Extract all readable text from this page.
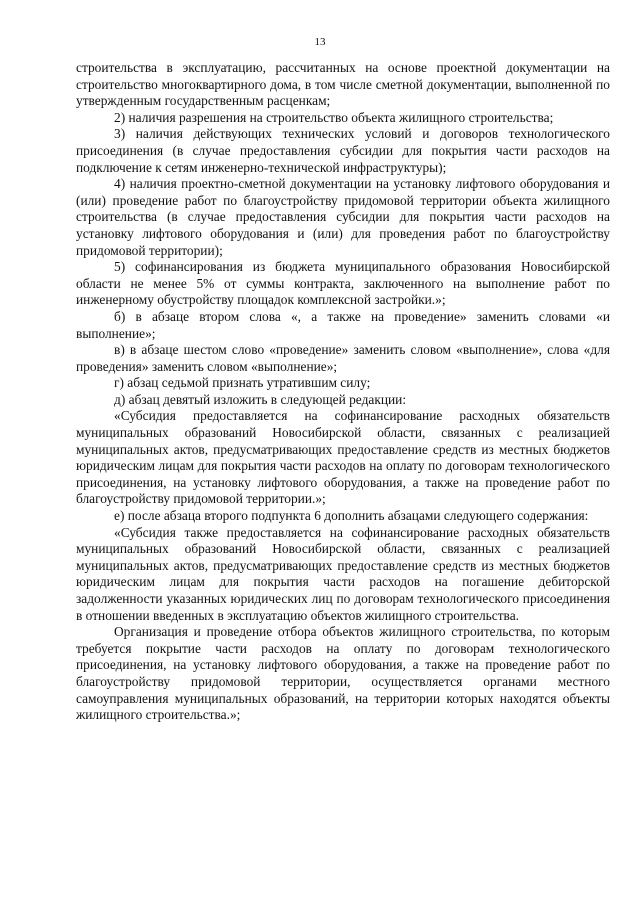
13

строительства в эксплуатацию, рассчитанных на основе проектной документации на строительство многоквартирного дома, в том числе сметной документации, выполненной по утвержденным государственным расценкам;

2) наличия разрешения на строительство объекта жилищного строительства;

3) наличия действующих технических условий и договоров технологического присоединения (в случае предоставления субсидии для покрытия части расходов на подключение к сетям инженерно-технической инфраструктуры);

4) наличия проектно-сметной документации на установку лифтового оборудования и (или) проведение работ по благоустройству придомовой территории объекта жилищного строительства (в случае предоставления субсидии для покрытия части расходов на установку лифтового оборудования и (или) для проведения работ по благоустройству придомовой территории);

5) софинансирования из бюджета муниципального образования Новосибирской области не менее 5% от суммы контракта, заключенного на выполнение работ по инженерному обустройству площадок комплексной застройки.»;

б) в абзаце втором слова «, а также на проведение» заменить словами «и выполнение»;

в) в абзаце шестом слово «проведение» заменить словом «выполнение», слова «для проведения» заменить словом «выполнение»;

г) абзац седьмой признать утратившим силу;

д) абзац девятый изложить в следующей редакции:

«Субсидия предоставляется на софинансирование расходных обязательств муниципальных образований Новосибирской области, связанных с реализацией муниципальных актов, предусматривающих предоставление средств из местных бюджетов юридическим лицам для покрытия части расходов на оплату по договорам технологического присоединения, на установку лифтового оборудования, а также на проведение работ по благоустройству придомовой территории.»;

е) после абзаца второго подпункта 6 дополнить абзацами следующего содержания:

«Субсидия также предоставляется на софинансирование расходных обязательств муниципальных образований Новосибирской области, связанных с реализацией муниципальных актов, предусматривающих предоставление средств из местных бюджетов юридическим лицам для покрытия части расходов на погашение дебиторской задолженности указанных юридических лиц по договорам технологического присоединения в отношении введенных в эксплуатацию объектов жилищного строительства.

Организация и проведение отбора объектов жилищного строительства, по которым требуется покрытие части расходов на оплату по договорам технологического присоединения, на установку лифтового оборудования, а также на проведение работ по благоустройству придомовой территории, осуществляется органами местного самоуправления муниципальных образований, на территории которых находятся объекты жилищного строительства.»;
